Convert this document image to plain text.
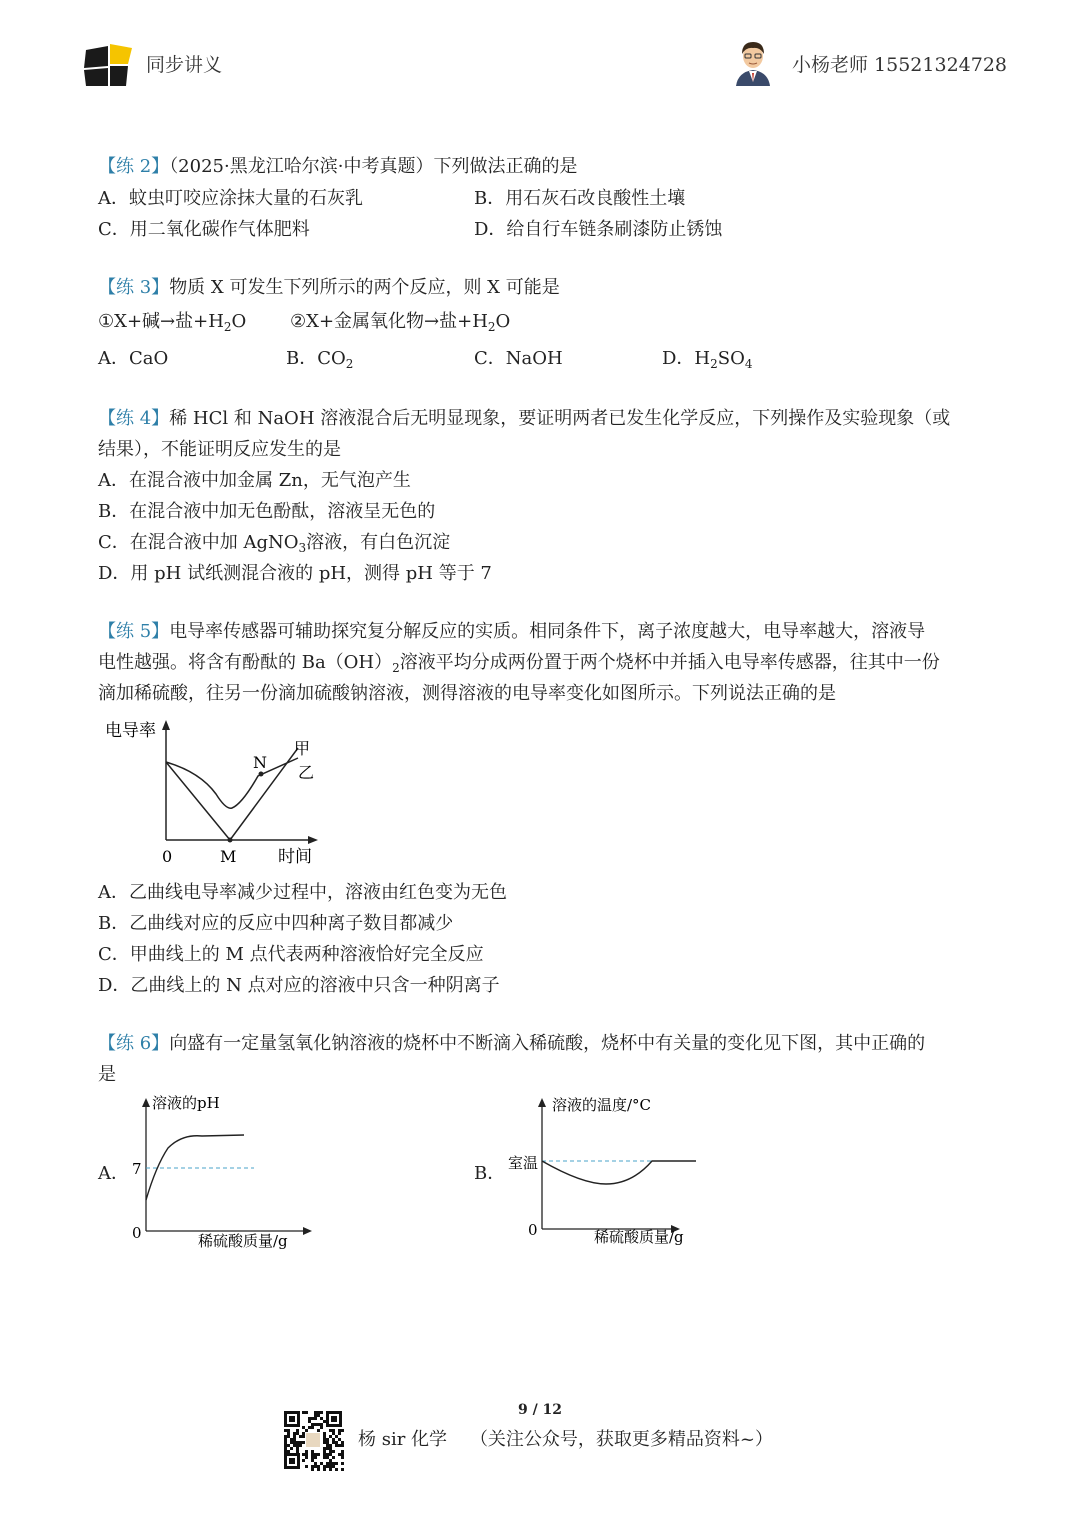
同步讲义	小杨老师 15521324728
【练 2】（2025·黑龙江哈尔滨·中考真题）下列做法正确的是
A．蚊虫叮咬应涂抹大量的石灰乳	B．用石灰石改良酸性土壤
C．用二氧化碳作气体肥料	D．给自行车链条刷漆防止锈蚀
【练 3】物质 X 可发生下列所示的两个反应，则 X 可能是
①X+碱→盐$+H_2O$ ②X+金属氧化物→盐$+H_2O$
A．CaO	B．$CO_2$	C．NaOH	D．$H_2SO_4$
【练 4】稀 HCl 和 NaOH 溶液混合后无明显现象，要证明两者已发生化学反应，下列操作及实验现象（或
结果），不能证明反应发生的是
A．在混合液中加金属 Zn，无气泡产生
B．在混合液中加无色酚酞，溶液呈无色的
C．在混合液中加 AgNO$_3$溶液，有白色沉淀
D．用 pH 试纸测混合液的 pH，测得 pH 等于 7
【练 5】电导率传感器可辅助探究复分解反应的实质。相同条件下，离子浓度越大，电导率越大，溶液导
电性越强。将含有酚酞的 $Ba(OH)_2$溶液平均分成两份置于两个烧杯中并插入电导率传感器，往其中一份
滴加稀硫酸，往另一份滴加硫酸钠溶液，测得溶液的电导率变化如图所示。下列说法正确的是
电导率
N
甲
乙
0	M 时间
A．乙曲线电导率减少过程中，溶液由红色变为无色
B．乙曲线对应的反应中四种离子数目都减少
C．甲曲线上的 M 点代表两种溶液恰好完全反应
D．乙曲线上的 N 点对应的溶液中只含一种阴离子
【练 6】向盛有一定量氢氧化钠溶液的烧杯中不断滴入稀硫酸，烧杯中有关量的变化见下图，其中正确的
是
A．
溶液的pH
7
0	稀硫酸质量/g
B．
溶液的温度/°C
室温
0	稀硫酸质量/g
9 / 12
杨 sir 化学 （关注公众号，获取更多精品资料~）
